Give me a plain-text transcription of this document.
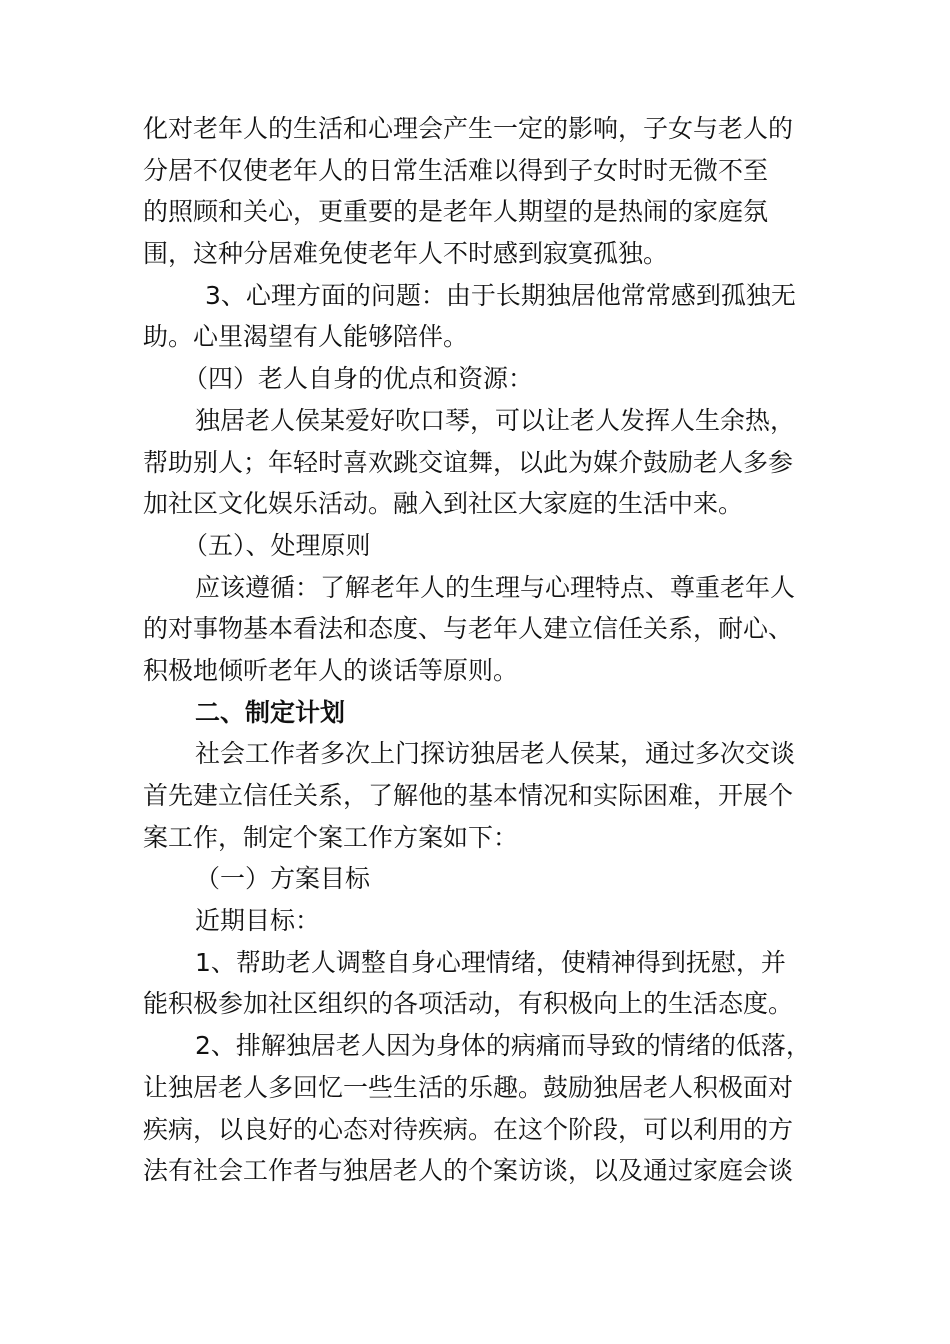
化对老年人的生活和心理会产生一定的影响，子女与老人的
分居不仅使老年人的日常生活难以得到子女时时无微不至
的照顾和关心，更重要的是老年人期望的是热闹的家庭氛
围，这种分居难免使老年人不时感到寂寞孤独。
3、心理方面的问题：由于长期独居他常常感到孤独无
助。心里渴望有人能够陪伴。
（四）老人自身的优点和资源：
独居老人侯某爱好吹口琴，可以让老人发挥人生余热，
帮助别人；年轻时喜欢跳交谊舞，以此为媒介鼓励老人多参
加社区文化娱乐活动。融入到社区大家庭的生活中来。
（五）、处理原则
应该遵循：了解老年人的生理与心理特点、尊重老年人
的对事物基本看法和态度、与老年人建立信任关系，耐心、
积极地倾听老年人的谈话等原则。
二、制定计划
社会工作者多次上门探访独居老人侯某，通过多次交谈
首先建立信任关系，了解他的基本情况和实际困难，开展个
案工作，制定个案工作方案如下：
（一）方案目标
近期目标：
1、帮助老人调整自身心理情绪，使精神得到抚慰，并
能积极参加社区组织的各项活动，有积极向上的生活态度。
2、排解独居老人因为身体的病痛而导致的情绪的低落，
让独居老人多回忆一些生活的乐趣。鼓励独居老人积极面对
疾病，以良好的心态对待疾病。在这个阶段，可以利用的方
法有社会工作者与独居老人的个案访谈，以及通过家庭会谈
